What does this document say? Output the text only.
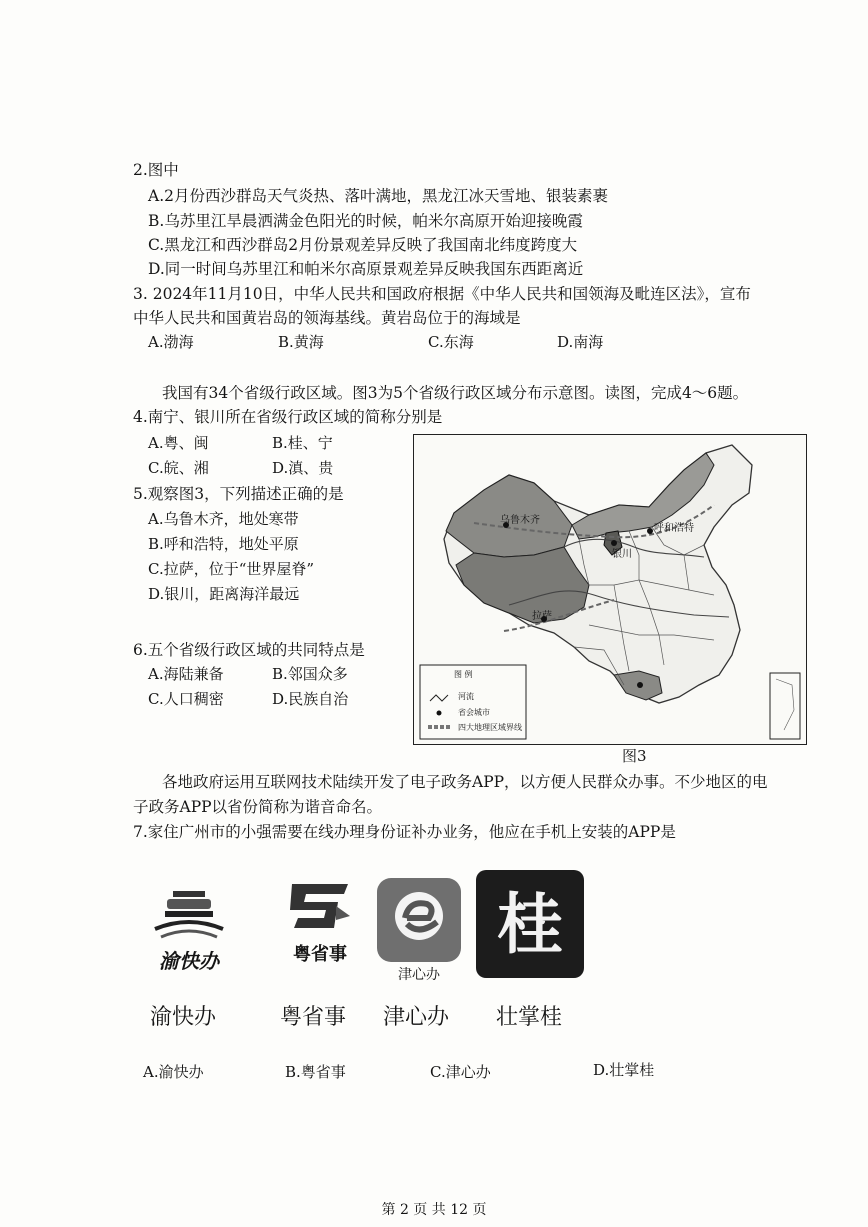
2.图中
A.2月份西沙群岛天气炎热、落叶满地，黑龙江冰天雪地、银装素裹
B.乌苏里江旱晨洒满金色阳光的时候，帕米尔高原开始迎接晚霞
C.黑龙江和西沙群岛2月份景观差异反映了我国南北纬度跨度大
D.同一时间乌苏里江和帕米尔高原景观差异反映我国东西距离近
3. 2024年11月10日，中华人民共和国政府根据《中华人民共和国领海及毗连区法》，宣布
中华人民共和国黄岩岛的领海基线。黄岩岛位于的海域是
A.渤海	B.黄海	C.东海	D.南海
我国有34个省级行政区域。图3为5个省级行政区域分布示意图。读图，完成4～6题。
4.南宁、银川所在省级行政区域的简称分别是
A.粤、闽	B.桂、宁
C.皖、湘	D.滇、贵
5.观察图3，下列描述正确的是
A.乌鲁木齐，地处寒带
B.呼和浩特，地处平原
C.拉萨，位于“世界屋脊”
D.银川，距离海洋最远
6.五个省级行政区域的共同特点是
A.海陆兼备	B.邻国众多
C.人口稠密	D.民族自治
乌鲁木齐
呼和浩特
银川
拉萨
图 例
河流
省会城市
四大地理区域界线
图3
各地政府运用互联网技术陆续开发了电子政务APP，以方便人民群众办事。不少地区的电
子政务APP以省份简称为谐音命名。
7.家住广州市的小强需要在线办理身份证补办业务，他应在手机上安装的APP是
渝快办	粤省事
津心办
桂
渝快办	粤省事 津心办 壮掌桂
A.渝快办	B.粤省事	C.津心办	D.壮掌桂
第 2 页 共 12 页
